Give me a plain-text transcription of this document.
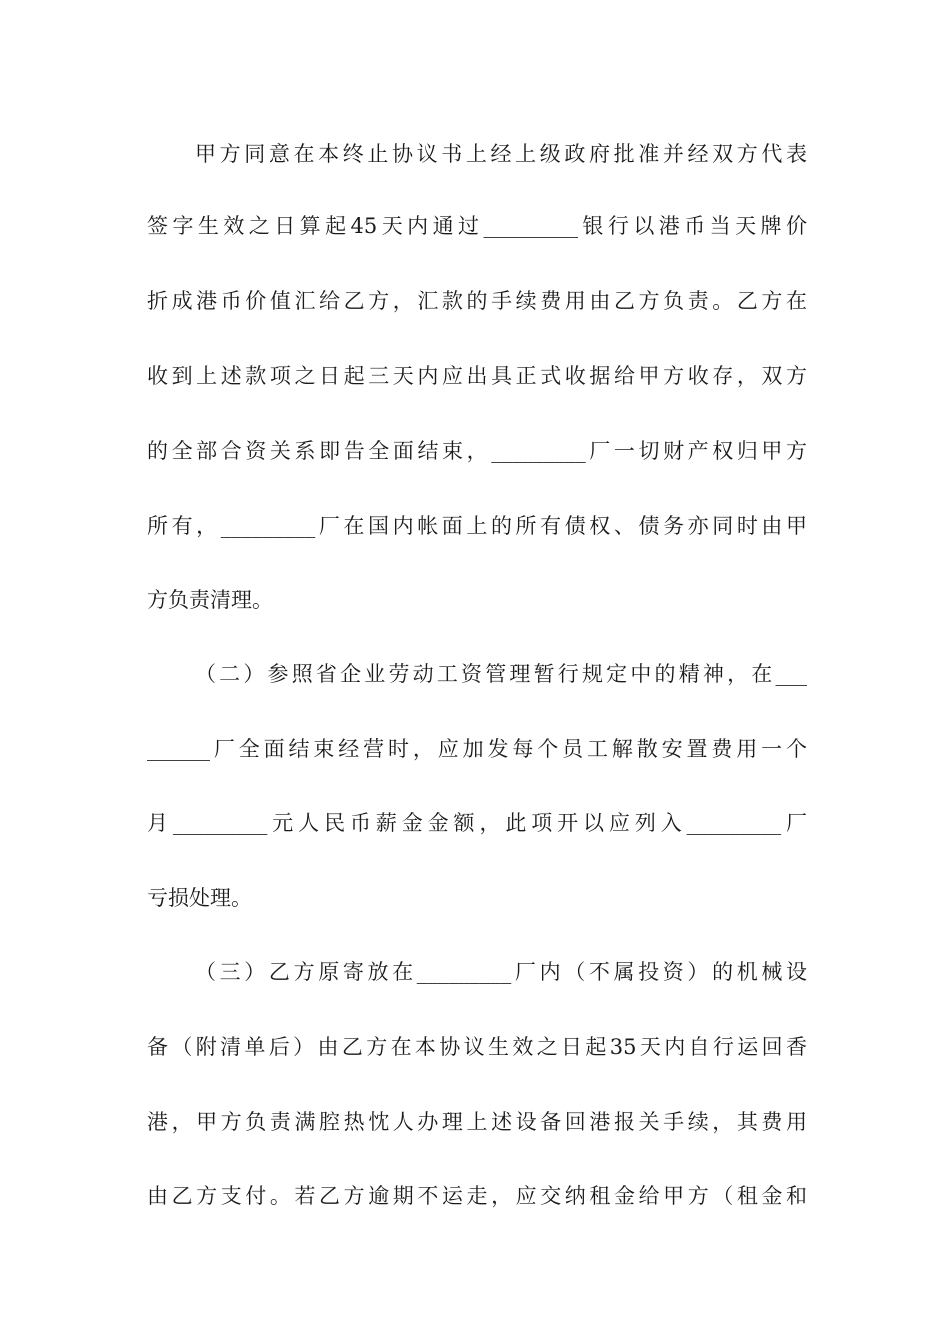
甲方同意在本终止协议书上经上级政府批准并经双方代表
签字生效之日算起45天内通过_________银行以港币当天牌价
折成港币价值汇给乙方，汇款的手续费用由乙方负责。乙方在
收到上述款项之日起三天内应出具正式收据给甲方收存，双方
的全部合资关系即告全面结束，_________厂一切财产权归甲方
所有，_________厂在国内帐面上的所有债权、债务亦同时由甲
方负责清理。
（二）参照省企业劳动工资管理暂行规定中的精神，在___
______厂全面结束经营时，应加发每个员工解散安置费用一个
月_________元人民币薪金金额，此项开以应列入_________厂
亏损处理。
（三）乙方原寄放在_________厂内（不属投资）的机械设
备（附清单后）由乙方在本协议生效之日起35天内自行运回香
港，甲方负责满腔热忱人办理上述设备回港报关手续，其费用
由乙方支付。若乙方逾期不运走，应交纳租金给甲方（租金和
